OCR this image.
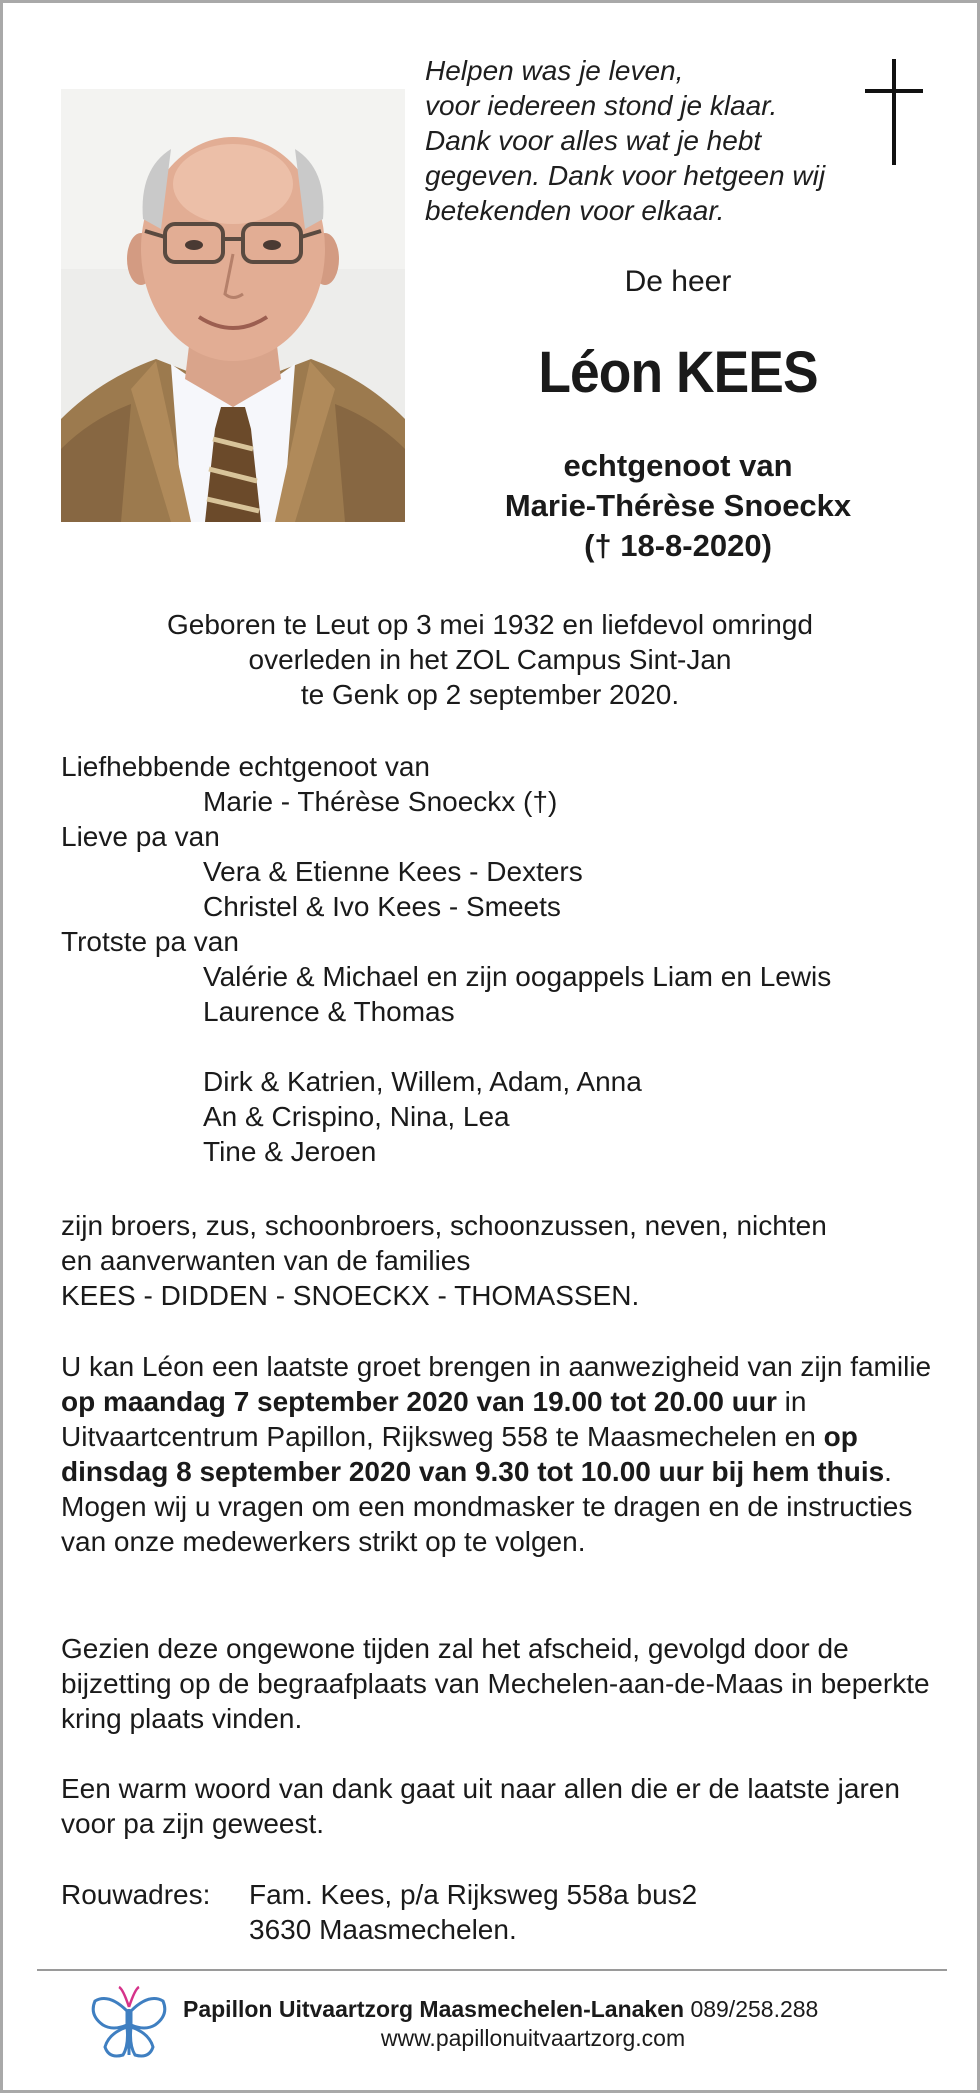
Helpen was je leven,
voor iedereen stond je klaar.
Dank voor alles wat je hebt
gegeven. Dank voor hetgeen wij
betekenden voor elkaar.
De heer
Léon KEES
echtgenoot van
Marie-Thérèse Snoeckx
(† 18-8-2020)
Geboren te Leut op 3 mei 1932 en liefdevol omringd
overleden in het ZOL Campus Sint-Jan
te Genk op 2 september 2020.
Liefhebbende echtgenoot van
Marie - Thérèse Snoeckx (†)
Lieve pa van
Vera & Etienne Kees - Dexters
Christel & Ivo Kees - Smeets
Trotste pa van
Valérie & Michael en zijn oogappels Liam en Lewis
Laurence & Thomas
Dirk & Katrien, Willem, Adam, Anna
An & Crispino, Nina, Lea
Tine & Jeroen
zijn broers, zus, schoonbroers, schoonzussen, neven, nichten
en aanverwanten van de families
KEES - DIDDEN - SNOECKX - THOMASSEN.
U kan Léon een laatste groet brengen in aanwezigheid van zijn familie op maandag 7 september 2020 van 19.00 tot 20.00 uur in Uitvaartcentrum Papillon, Rijksweg 558 te Maasmechelen en op dinsdag 8 september 2020 van 9.30 tot 10.00 uur bij hem thuis. Mogen wij u vragen om een mondmasker te dragen en de instructies van onze medewerkers strikt op te volgen.
Gezien deze ongewone tijden zal het afscheid, gevolgd door de bijzetting op de begraafplaats van Mechelen-aan-de-Maas in beperkte kring plaats vinden.
Een warm woord van dank gaat uit naar allen die er de laatste jaren voor pa zijn geweest.
Rouwadres:	Fam. Kees, p/a Rijksweg 558a bus2
3630 Maasmechelen.
Papillon Uitvaartzorg Maasmechelen-Lanaken 089/258.288
www.papillonuitvaartzorg.com
